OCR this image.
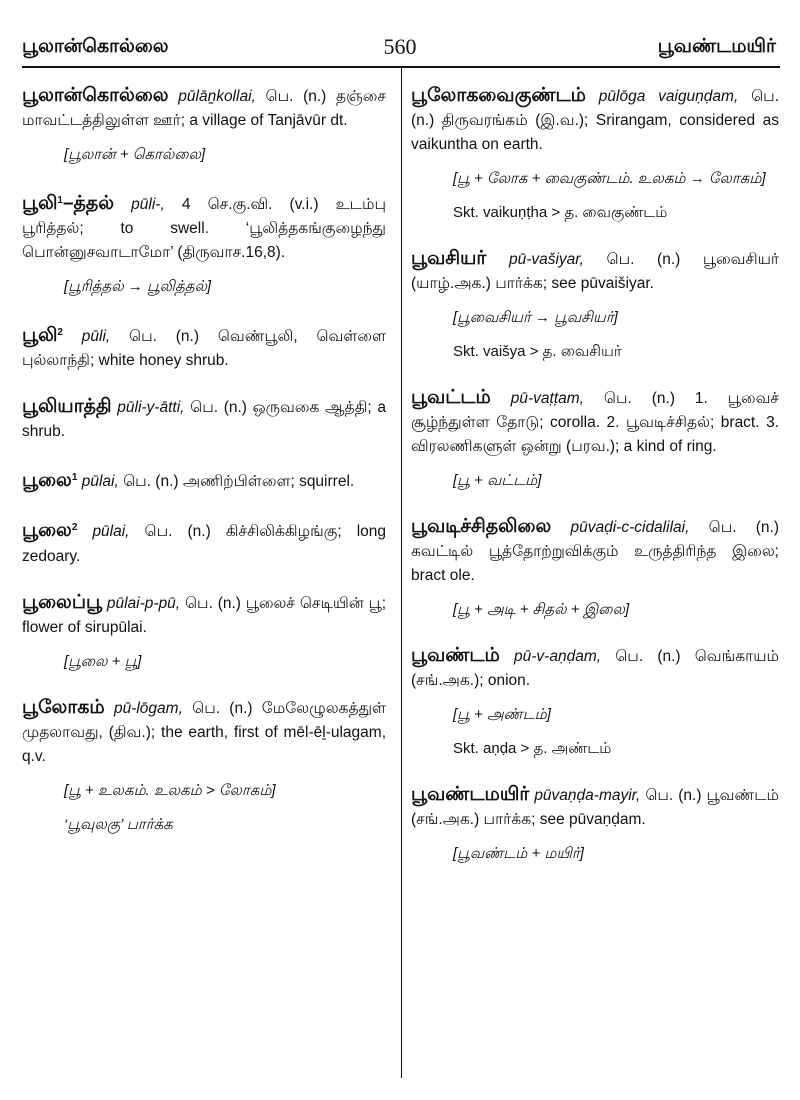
பூலான்கொல்லை	560	பூவண்டமயிர்

பூலான்கொல்லை pūlāṉkollai, பெ. (n.) தஞ்சை மாவட்டத்திலுள்ள ஊர்; a village of Tanjāvūr dt.

[பூலான் + கொல்லை]

பூலி$^1$–த்தல் pūli-, 4 செ.கு.வி. (v.i.) உடம்பு பூரித்தல்; to swell. ‘பூலித்தகங்குழைந்து பொன்னுசவாடாமோ’ (திருவாச.16,8).

[பூரித்தல் → பூலித்தல்]

பூலி$^2$ pūli, பெ. (n.) வெண்பூலி, வெள்ளை புல்லாந்தி; white honey shrub.

பூலியாத்தி pūli-y-ātti, பெ. (n.) ஒருவகை ஆத்தி; a shrub.

பூலை$^1$ pūlai, பெ. (n.) அணிற்பிள்ளை; squirrel.

பூலை$^2$ pūlai, பெ. (n.) கிச்சிலிக்கிழங்கு; long zedoary.

பூலைப்பூ pūlai-p-pū, பெ. (n.) பூலைச் செடியின் பூ; flower of sirupūlai.

[பூலை + பூ]

பூலோகம் pū-lōgam, பெ. (n.) மேலேழுலகத்துள் முதலாவது, (திவ.); the earth, first of mēl-ēḻ-ulagam, q.v.

[பூ + உலகம். உலகம் > லோகம்]

‘பூவுலகு’ பார்க்க

பூலோகவைகுண்டம் pūlōga vaiguṇḍam, பெ. (n.) திருவரங்கம் (இ.வ.); Srirangam, considered as vaikuntha on earth.

[பூ + லோக + வைகுண்டம். உலகம் → லோகம்]

Skt. vaikuṇṭha > த. வைகுண்டம்

பூவசியர் pū-vašiyar, பெ. (n.) பூவைசியர் (யாழ்.அக.) பார்க்க; see pūvaišiyar.

[பூவைசியர் → பூவசியர்]

Skt. vaišya > த. வைசியர்

பூவட்டம் pū-vaṭṭam, பெ. (n.) 1. பூவைச் சூழ்ந்துள்ள தோடு; corolla. 2. பூவடிச்சிதல்; bract. 3. விரலணிகளுள் ஒன்று (பரவ.); a kind of ring.

[பூ + வட்டம்]

பூவடிச்சிதலிலை pūvaḍi-c-cidalilai, பெ. (n.) கவட்டில் பூத்தோற்றுவிக்கும் உருத்திரிந்த இலை; bract ole.

[பூ + அடி + சிதல் + இலை]

பூவண்டம் pū-v-aṇḍam, பெ. (n.) வெங்காயம் (சங்.அக.); onion.

[பூ + அண்டம்]

Skt. aṇḍa > த. அண்டம்

பூவண்டமயிர் pūvaṇḍa-mayir, பெ. (n.) பூவண்டம் (சங்.அக.) பார்க்க; see pūvaṇḍam.

[பூவண்டம் + மயிர்]
